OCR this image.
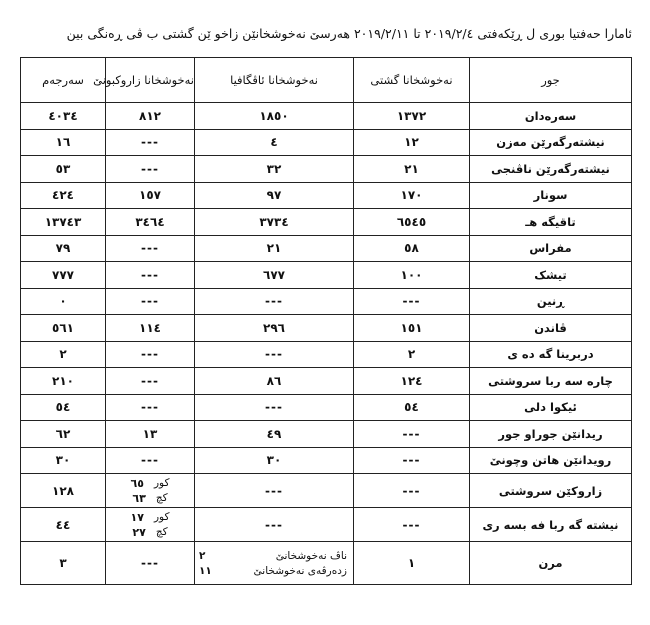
ئامارا حەفتیا بوری ل ڕێکەفتی ٢٠١٩/٢/٤ تا ٢٠١٩/٢/١١ هەرسێ نەخوشخانێن زاخو ێن گشتی ب ڤی ڕەنگی بین
جور	نەخوشخانا گشتی	نەخوشخانا ئاڤگافیا	نەخوشخانا زاروکبونێ	سەرجەم
سەرەدان	١٣٧٢	١٨٥٠	٨١٢	٤٠٣٤
نیشتەرگەرێن مەزن	١٢	٤	---	١٦
نیشتەرگەرێن ناڤنجی	٢١	٣٢	---	٥٣
سونار	١٧٠	٩٧	١٥٧	٤٢٤
تاقیگە هـ	٦٥٤٥	٣٧٣٤	٣٤٦٤	١٣٧٤٣
مفراس	٥٨	٢١	---	٧٩
تیشک	١٠٠	٦٧٧	---	٧٧٧
ڕنین	---	---	---	٠
ڤاندن	١٥١	٢٩٦	١١٤	٥٦١
دربرینا گە دە ی	٢	---	---	٢
چارە سە ربا سروشتی	١٢٤	٨٦	---	٢١٠
ئیکوا دلی	٥٤	---	---	٥٤
ریدانێن جوراو جور	---	٤٩	١٣	٦٢
رویدانێن هاتن وچونێ	---	٣٠	---	٣٠
زاروکێن سروشتی	---	---	کور
٦٥
کچ
٦٣	١٢٨
نیشتە گە ربا فە بسە ری	---	---	کور
١٧
کچ
٢٧	٤٤
مرن	١	ناڤ نەخوشخانێ
٢
زدەرڤەی نەخوشخانێ
١١	---	٣
